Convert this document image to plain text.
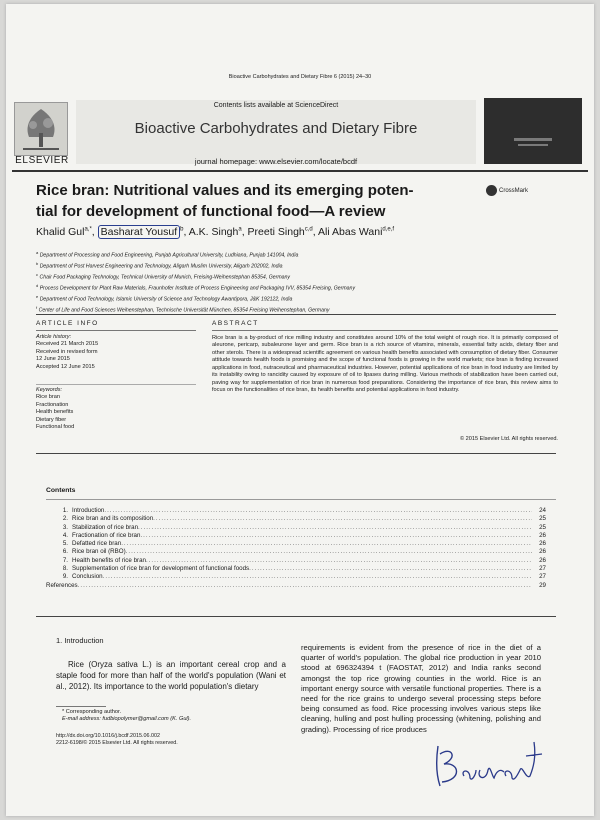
Bioactive Carbohydrates and Dietary Fibre 6 (2015) 24–30
ELSEVIER
Contents lists available at ScienceDirect
Bioactive Carbohydrates and Dietary Fibre
journal homepage: www.elsevier.com/locate/bcdf
Rice bran: Nutritional values and its emerging poten-
tial for development of functional food—A review
CrossMark
Khalid Gul$^{a,*}$, Basharat Yousuf $^b$, A.K. Singh$^a$, Preeti Singh$^{c,d}$, Ali Abas Wani$^{d,e,f}$
$^a$ Department of Processing and Food Engineering, Punjab Agricultural University, Ludhiana, Punjab 141004, India
$^b$ Department of Post Harvest Engineering and Technology, Aligarh Muslim University, Aligarh 202002, India
$^c$ Chair Food Packaging Technology, Technical University of Munich, Freising-Weihenstephan 85354, Germany
$^d$ Process Development for Plant Raw Materials, Fraunhofer Institute of Process Engineering and Packaging IVV, 85354 Freising, Germany
$^e$ Department of Food Technology, Islamic University of Science and Technology Awantipora, J&K 192122, India
$^f$ Center of Life and Food Sciences Weihenstephan, Technische Universität München, 85354 Freising Weihenstephan, Germany
ARTICLE INFO	ABSTRACT
Article history:
Received 21 March 2015
Received in revised form
12 June 2015
Accepted 12 June 2015
Keywords:
Rice bran
Fractionation
Health benefits
Dietary fiber
Functional food
Rice bran is a by-product of rice milling industry and constitutes around 10% of the total weight of rough rice. It is primarily composed of aleurone, pericarp, subaleurone layer and germ. Rice bran is a rich source of vitamins, minerals, essential fatty acids, dietary fiber and other sterols. There is a widespread scientific agreement on various health benefits associated with consumption of dietary fiber. Consumer attitude towards health foods is promising and the scope of functional foods is growing in the world markets; rice bran is finding increased applications in food, nutraceutical and pharmaceutical industries. However, potential applications of rice bran in food industry are limited by its instability owing to rancidity caused by exposure of oil to lipases during milling. Various methods of stabilization have been carried out, paving way for supplementation of rice bran in numerous food preparations. Considering the importance of rice bran, this review aims to focus on the functionalities of rice bran, its health benefits and potential applications in food industry.
© 2015 Elsevier Ltd. All rights reserved.
Contents
1. Introduction .....	24
2. Rice bran and its composition .....	25
3. Stabilization of rice bran .....	25
4. Fractionation of rice bran .....	26
5. Defatted rice bran .....	26
6. Rice bran oil (RBO) .....	26
7. Health benefits of rice bran .....	26
8. Supplementation of rice bran for development of functional foods .....	27
9. Conclusion .....	27
References .....	29
1. Introduction
Rice (Oryza sativa L.) is an important cereal crop and a staple food for more than half of the world's population (Wani et al., 2012). Its importance to the world population's dietary
requirements is evident from the presence of rice in the diet of a quarter of world's population. The global rice production in year 2010 stood at 696324394 t (FAOSTAT, 2012) and India ranks second amongst the top rice growing counties in the world. Rice is an important energy source with versatile functional properties. There is a need for the rice grains to undergo several processing steps before being consumed as food. Rice processing involves various steps like cleaning, hulling and post hulling processing (whitening, polishing and grading). Processing of rice produces
* Corresponding author.
E-mail address: fudbiopolymer@gmail.com (K. Gul).
http://dx.doi.org/10.1016/j.bcdf.2015.06.002
2212-6198/© 2015 Elsevier Ltd. All rights reserved.
